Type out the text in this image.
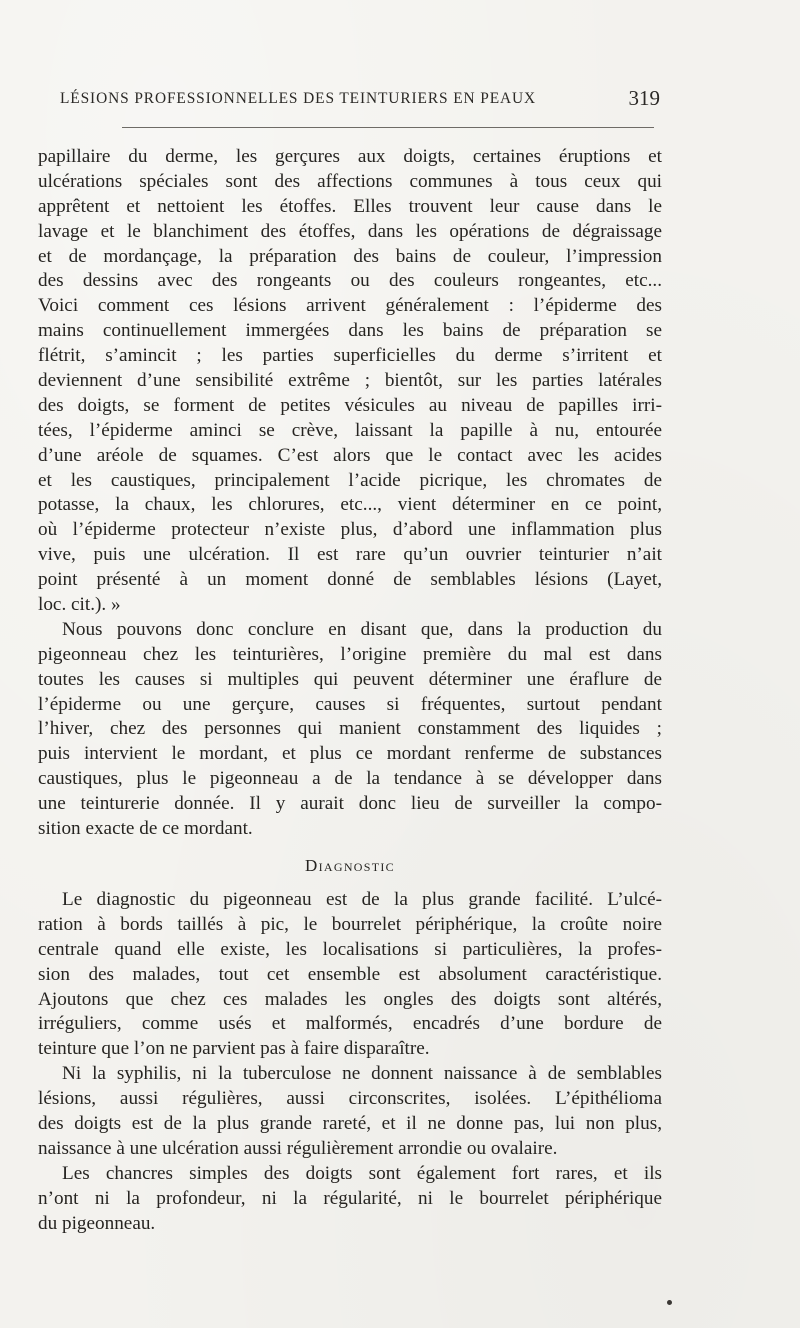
LÉSIONS PROFESSIONNELLES DES TEINTURIERS EN PEAUX	319
papillaire du derme, les gerçures aux doigts, certaines éruptions et
ulcérations spéciales sont des affections communes à tous ceux qui
apprêtent et nettoient les étoffes. Elles trouvent leur cause dans le
lavage et le blanchiment des étoffes, dans les opérations de dégraissage
et de mordançage, la préparation des bains de couleur, l’impression
des dessins avec des rongeants ou des couleurs rongeantes, etc...
Voici comment ces lésions arrivent généralement : l’épiderme des
mains continuellement immergées dans les bains de préparation se
flétrit, s’amincit ; les parties superficielles du derme s’irritent et
deviennent d’une sensibilité extrême ; bientôt, sur les parties latérales
des doigts, se forment de petites vésicules au niveau de papilles irri-
tées, l’épiderme aminci se crève, laissant la papille à nu, entourée
d’une aréole de squames. C’est alors que le contact avec les acides
et les caustiques, principalement l’acide picrique, les chromates de
potasse, la chaux, les chlorures, etc..., vient déterminer en ce point,
où l’épiderme protecteur n’existe plus, d’abord une inflammation plus
vive, puis une ulcération. Il est rare qu’un ouvrier teinturier n’ait
point présenté à un moment donné de semblables lésions (Layet,
loc. cit.). »
Nous pouvons donc conclure en disant que, dans la production du
pigeonneau chez les teinturières, l’origine première du mal est dans
toutes les causes si multiples qui peuvent déterminer une éraflure de
l’épiderme ou une gerçure, causes si fréquentes, surtout pendant
l’hiver, chez des personnes qui manient constamment des liquides ;
puis intervient le mordant, et plus ce mordant renferme de substances
caustiques, plus le pigeonneau a de la tendance à se développer dans
une teinturerie donnée. Il y aurait donc lieu de surveiller la compo-
sition exacte de ce mordant.
Diagnostic
Le diagnostic du pigeonneau est de la plus grande facilité. L’ulcé-
ration à bords taillés à pic, le bourrelet périphérique, la croûte noire
centrale quand elle existe, les localisations si particulières, la profes-
sion des malades, tout cet ensemble est absolument caractéristique.
Ajoutons que chez ces malades les ongles des doigts sont altérés,
irréguliers, comme usés et malformés, encadrés d’une bordure de
teinture que l’on ne parvient pas à faire disparaître.
Ni la syphilis, ni la tuberculose ne donnent naissance à de semblables
lésions, aussi régulières, aussi circonscrites, isolées. L’épithélioma
des doigts est de la plus grande rareté, et il ne donne pas, lui non plus,
naissance à une ulcération aussi régulièrement arrondie ou ovalaire.
Les chancres simples des doigts sont également fort rares, et ils
n’ont ni la profondeur, ni la régularité, ni le bourrelet périphérique
du pigeonneau.
